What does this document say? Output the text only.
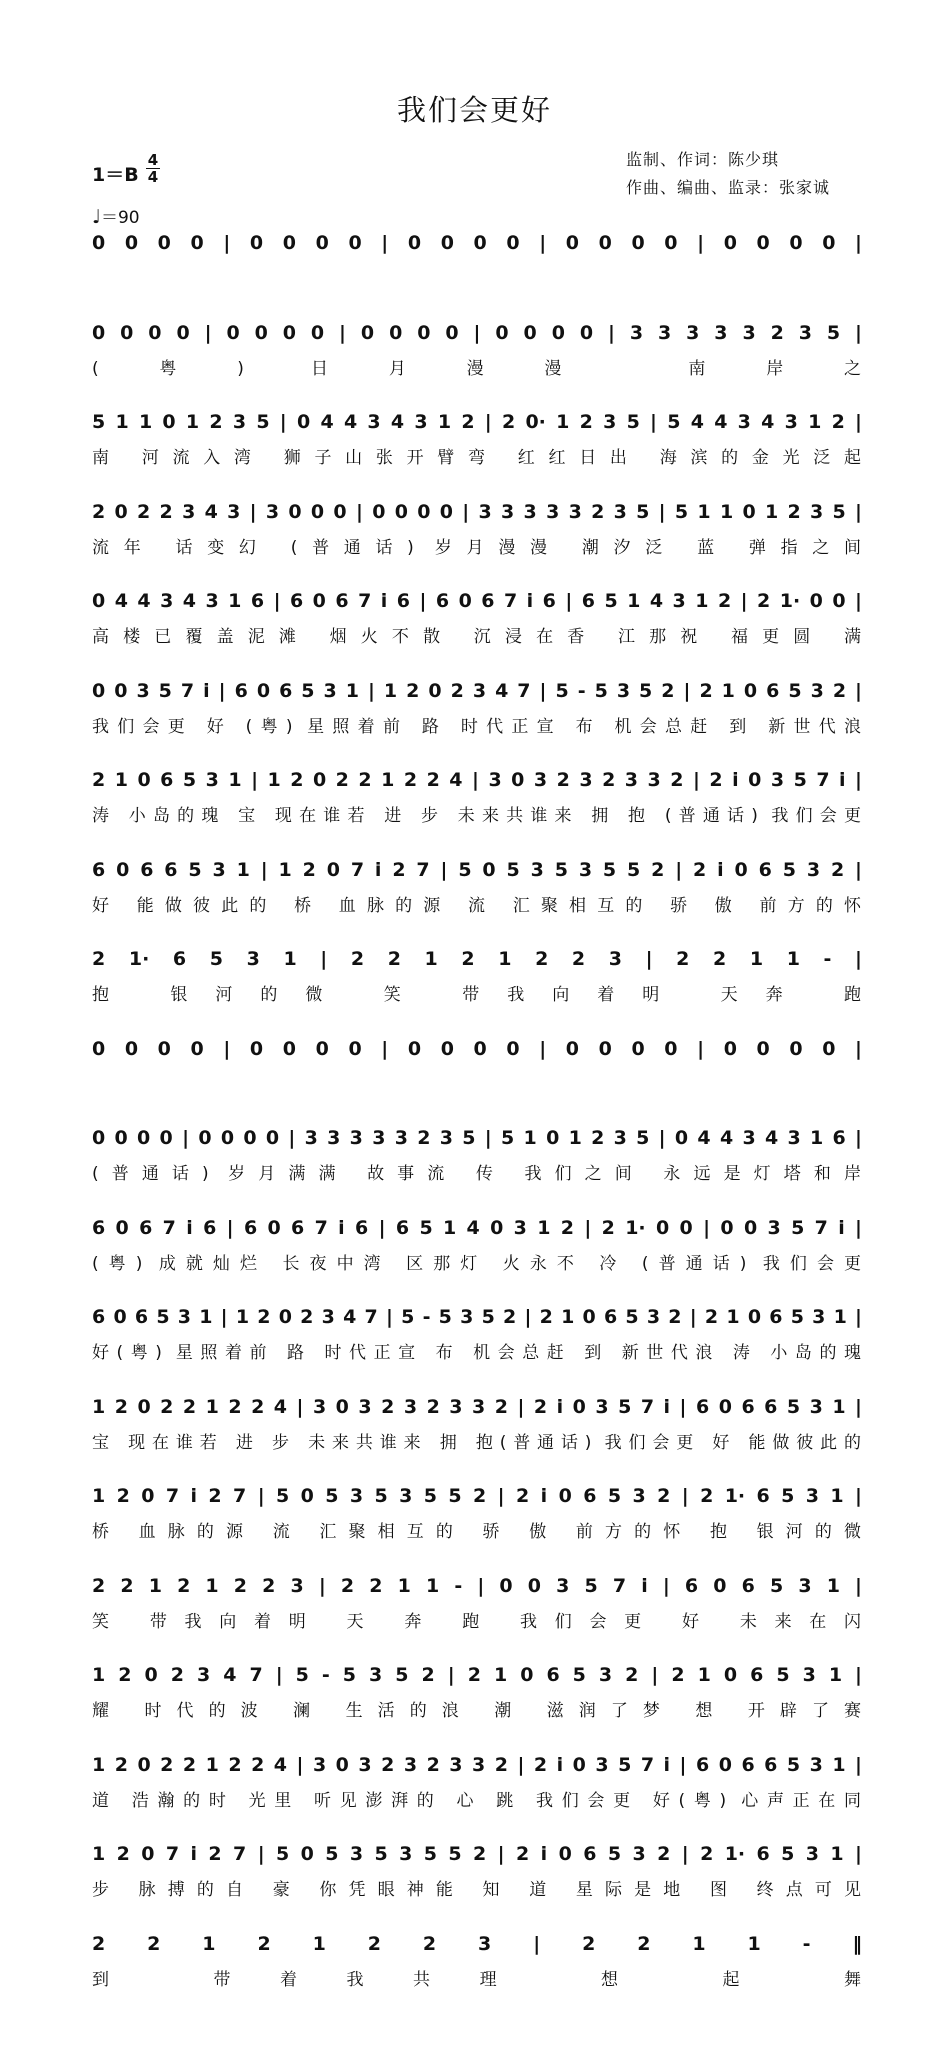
我们会更好
1＝B
4
4
♩＝90
监制、作词：陈少琪
作曲、编曲、监录：张家诚
0 0 0 0 | 0 0 0 0 | 0 0 0 0 | 0 0 0 0 | 0 0 0 0 |
0 0 0 0 | 0 0 0 0 | 0 0 0 0 | 0 0 0 0 | 3 3 3 3 3 2 3 5 |
(粤) 日月漫漫 南岸之
5 1 1 0 1 2 3 5 | 0 4 4 3 4 3 1 2 | 2 0· 1 2 3 5 | 5 4 4 3 4 3 1 2 |
南 河流入湾 狮子山张开臂弯 红红日出 海滨的金光泛起
2 0 2 2 3 4 3 | 3 0 0 0 | 0 0 0 0 | 3 3 3 3 3 2 3 5 | 5 1 1 0 1 2 3 5 |
流年 话变幻 (普通话) 岁月漫漫 潮汐泛 蓝 弹指之间
0 4 4 3 4 3 1 6 | 6 0 6 7 i 6 | 6 0 6 7 i 6 | 6 5 1 4 3 1 2 | 2 1· 0 0 |
高楼已覆盖泥滩 烟火不散 沉浸在香 江那祝 福更圆 满
0 0 3 5 7 i | 6 0 6 5 3 1 | 1 2 0 2 3 4 7 | 5 - 5 3 5 2 | 2 1 0 6 5 3 2 |
我们会更 好 (粤) 星照着前 路 时代正宣 布 机会总赶 到 新世代浪
2 1 0 6 5 3 1 | 1 2 0 2 2 1 2 2 4 | 3 0 3 2 3 2 3 3 2 | 2 i 0 3 5 7 i |
涛 小岛的瑰 宝 现在谁若 进 步 未来共谁来 拥 抱 (普通话) 我们会更
6 0 6 6 5 3 1 | 1 2 0 7 i 2 7 | 5 0 5 3 5 3 5 5 2 | 2 i 0 6 5 3 2 |
好 能做彼此的 桥 血脉的源 流 汇聚相互的 骄 傲 前方的怀
2 1· 6 5 3 1 | 2 2 1 2 1 2 2 3 | 2 2 1 1 - |
抱 银河的微 笑 带我向着明 天奔 跑
0 0 0 0 | 0 0 0 0 | 0 0 0 0 | 0 0 0 0 | 0 0 0 0 |
0 0 0 0 | 0 0 0 0 | 3 3 3 3 3 2 3 5 | 5 1 0 1 2 3 5 | 0 4 4 3 4 3 1 6 |
(普通话) 岁月满满 故事流 传 我们之间 永远是灯塔和岸
6 0 6 7 i 6 | 6 0 6 7 i 6 | 6 5 1 4 0 3 1 2 | 2 1· 0 0 | 0 0 3 5 7 i |
(粤) 成就灿烂 长夜中湾 区那灯 火永不 冷 (普通话) 我们会更
6 0 6 5 3 1 | 1 2 0 2 3 4 7 | 5 - 5 3 5 2 | 2 1 0 6 5 3 2 | 2 1 0 6 5 3 1 |
好(粤) 星照着前 路 时代正宣 布 机会总赶 到 新世代浪 涛 小岛的瑰
1 2 0 2 2 1 2 2 4 | 3 0 3 2 3 2 3 3 2 | 2 i 0 3 5 7 i | 6 0 6 6 5 3 1 |
宝 现在谁若 进 步 未来共谁来 拥 抱(普通话) 我们会更 好 能做彼此的
1 2 0 7 i 2 7 | 5 0 5 3 5 3 5 5 2 | 2 i 0 6 5 3 2 | 2 1· 6 5 3 1 |
桥 血脉的源 流 汇聚相互的 骄 傲 前方的怀 抱 银河的微
2 2 1 2 1 2 2 3 | 2 2 1 1 - | 0 0 3 5 7 i | 6 0 6 5 3 1 |
笑 带我向着明 天 奔 跑 我们会更 好 未来在闪
1 2 0 2 3 4 7 | 5 - 5 3 5 2 | 2 1 0 6 5 3 2 | 2 1 0 6 5 3 1 |
耀 时代的波 澜 生活的浪 潮 滋润了梦 想 开辟了赛
1 2 0 2 2 1 2 2 4 | 3 0 3 2 3 2 3 3 2 | 2 i 0 3 5 7 i | 6 0 6 6 5 3 1 |
道 浩瀚的时 光里 听见澎湃的 心 跳 我们会更 好(粤) 心声正在同
1 2 0 7 i 2 7 | 5 0 5 3 5 3 5 5 2 | 2 i 0 6 5 3 2 | 2 1· 6 5 3 1 |
步 脉搏的自 豪 你凭眼神能 知 道 星际是地 图 终点可见
2 2 1 2 1 2 2 3 | 2 2 1 1 - ‖
到 带着我共理 想 起 舞
